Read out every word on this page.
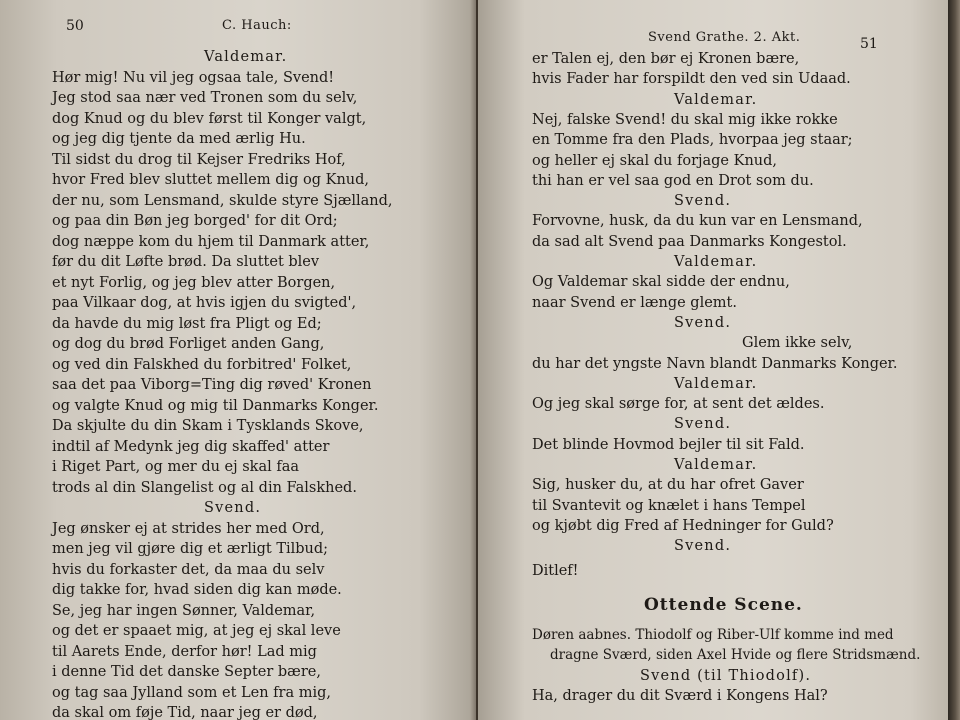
50	C. Hauch:
Valdemar.
Hør mig! Nu vil jeg ogsaa tale, Svend!
Jeg stod saa nær ved Tronen som du selv,
dog Knud og du blev først til Konger valgt,
og jeg dig tjente da med ærlig Hu.
Til sidst du drog til Kejser Fredriks Hof,
hvor Fred blev sluttet mellem dig og Knud,
der nu, som Lensmand, skulde styre Sjælland,
og paa din Bøn jeg borged' for dit Ord;
dog næppe kom du hjem til Danmark atter,
før du dit Løfte brød. Da sluttet blev
et nyt Forlig, og jeg blev atter Borgen,
paa Vilkaar dog, at hvis igjen du svigted',
da havde du mig løst fra Pligt og Ed;
og dog du brød Forliget anden Gang,
og ved din Falskhed du forbitred' Folket,
saa det paa Viborg=Ting dig røved' Kronen
og valgte Knud og mig til Danmarks Konger.
Da skjulte du din Skam i Tysklands Skove,
indtil af Medynk jeg dig skaffed' atter
i Riget Part, og mer du ej skal faa
trods al din Slangelist og al din Falskhed.
Svend.
Jeg ønsker ej at strides her med Ord,
men jeg vil gjøre dig et ærligt Tilbud;
hvis du forkaster det, da maa du selv
dig takke for, hvad siden dig kan møde.
Se, jeg har ingen Sønner, Valdemar,
og det er spaaet mig, at jeg ej skal leve
til Aarets Ende, derfor hør! Lad mig
i denne Tid det danske Septer bære,
og tag saa Jylland som et Len fra mig,
da skal om føje Tid, naar jeg er død,
Svend Grathe. 2. Akt.	51
er Talen ej, den bør ej Kronen bære,
hvis Fader har forspildt den ved sin Udaad.
Valdemar.
Nej, falske Svend! du skal mig ikke rokke
en Tomme fra den Plads, hvorpaa jeg staar;
og heller ej skal du forjage Knud,
thi han er vel saa god en Drot som du.
Svend.
Forvovne, husk, da du kun var en Lensmand,
da sad alt Svend paa Danmarks Kongestol.
Valdemar.
Og Valdemar skal sidde der endnu,
naar Svend er længe glemt.
Svend.
Glem ikke selv,
du har det yngste Navn blandt Danmarks Konger.
Valdemar.
Og jeg skal sørge for, at sent det ældes.
Svend.
Det blinde Hovmod bejler til sit Fald.
Valdemar.
Sig, husker du, at du har ofret Gaver
til Svantevit og knælet i hans Tempel
og kjøbt dig Fred af Hedninger for Guld?
Svend.
Ditlef!
Ottende Scene.
Døren aabnes. Thiodolf og Riber-Ulf komme ind med
dragne Sværd, siden Axel Hvide og flere Stridsmænd.
Svend (til Thiodolf).
Ha, drager du dit Sværd i Kongens Hal?
